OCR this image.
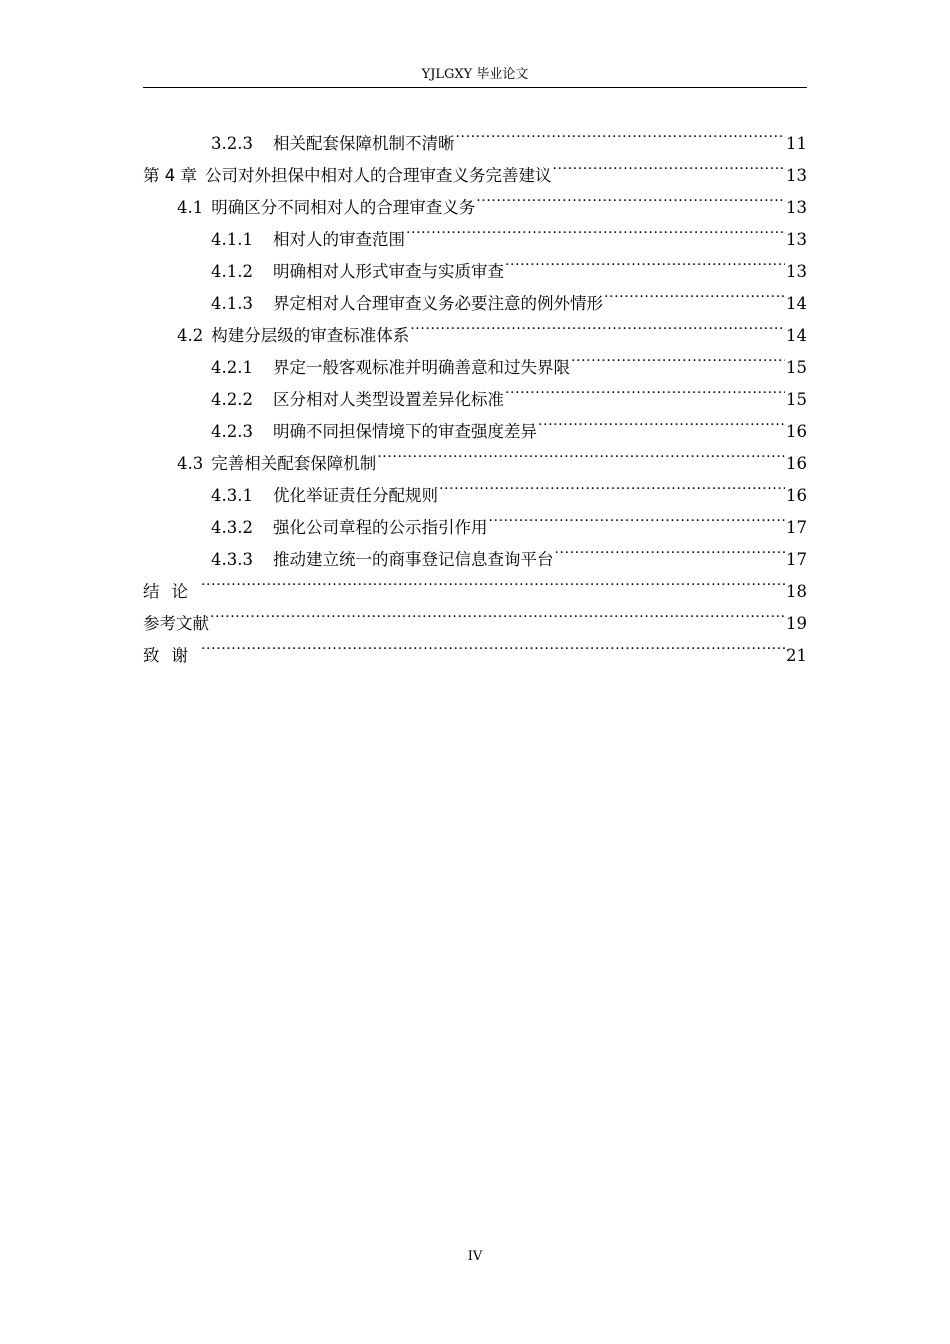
YJLGXY 毕业论文
3.2.3 相关配套保障机制不清晰 .....	11
第 4 章 公司对外担保中相对人的合理审查义务完善建议 .....	13
4.1 明确区分不同相对人的合理审查义务 .....	13
4.1.1 相对人的审查范围 .....	13
4.1.2 明确相对人形式审查与实质审查 .....	13
4.1.3 界定相对人合理审查义务必要注意的例外情形 .....	14
4.2 构建分层级的审查标准体系 .....	14
4.2.1 界定一般客观标准并明确善意和过失界限 .....	15
4.2.2 区分相对人类型设置差异化标准 .....	15
4.2.3 明确不同担保情境下的审查强度差异 .....	16
4.3 完善相关配套保障机制 .....	16
4.3.1 优化举证责任分配规则 .....	16
4.3.2 强化公司章程的公示指引作用 .....	17
4.3.3 推动建立统一的商事登记信息查询平台 .....	17
结论 .....	18
参考文献 .....	19
致谢 .....	21
IV
